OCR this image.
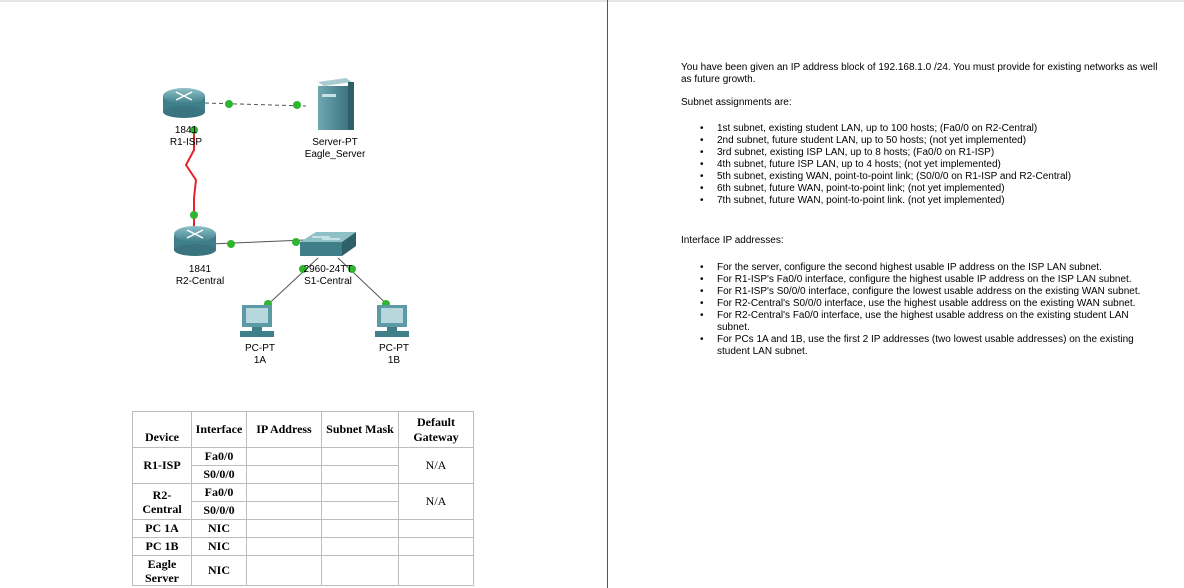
1841
R1-ISP	Server-PT
Eagle_Server
1841
R2-Central
2960-24TT
S1-Central
PC-PT
1A
PC-PT
1B
Device	Interface	IP Address	Subnet Mask	Default Gateway
R1-ISP	Fa0/0			N/A
	S0/0/0			
R2-Central	Fa0/0			N/A
	S0/0/0			
PC 1A	NIC			
PC 1B	NIC			
Eagle Server	NIC			
You have been given an IP address block of 192.168.1.0 /24. You must provide for existing networks as well as future growth.
Subnet assignments are:
• 1st subnet, existing student LAN, up to 100 hosts; (Fa0/0 on R2-Central)
• 2nd subnet, future student LAN, up to 50 hosts; (not yet implemented)
• 3rd subnet, existing ISP LAN, up to 8 hosts; (Fa0/0 on R1-ISP)
• 4th subnet, future ISP LAN, up to 4 hosts; (not yet implemented)
• 5th subnet, existing WAN, point-to-point link; (S0/0/0 on R1-ISP and R2-Central)
• 6th subnet, future WAN, point-to-point link; (not yet implemented)
• 7th subnet, future WAN, point-to-point link. (not yet implemented)
Interface IP addresses:
• For the server, configure the second highest usable IP address on the ISP LAN subnet.
• For R1-ISP's Fa0/0 interface, configure the highest usable IP address on the ISP LAN subnet.
• For R1-ISP's S0/0/0 interface, configure the lowest usable address on the existing WAN subnet.
• For R2-Central's S0/0/0 interface, use the highest usable address on the existing WAN subnet.
• For R2-Central's Fa0/0 interface, use the highest usable address on the existing student LAN subnet.
• For PCs 1A and 1B, use the first 2 IP addresses (two lowest usable addresses) on the existing student LAN subnet.
